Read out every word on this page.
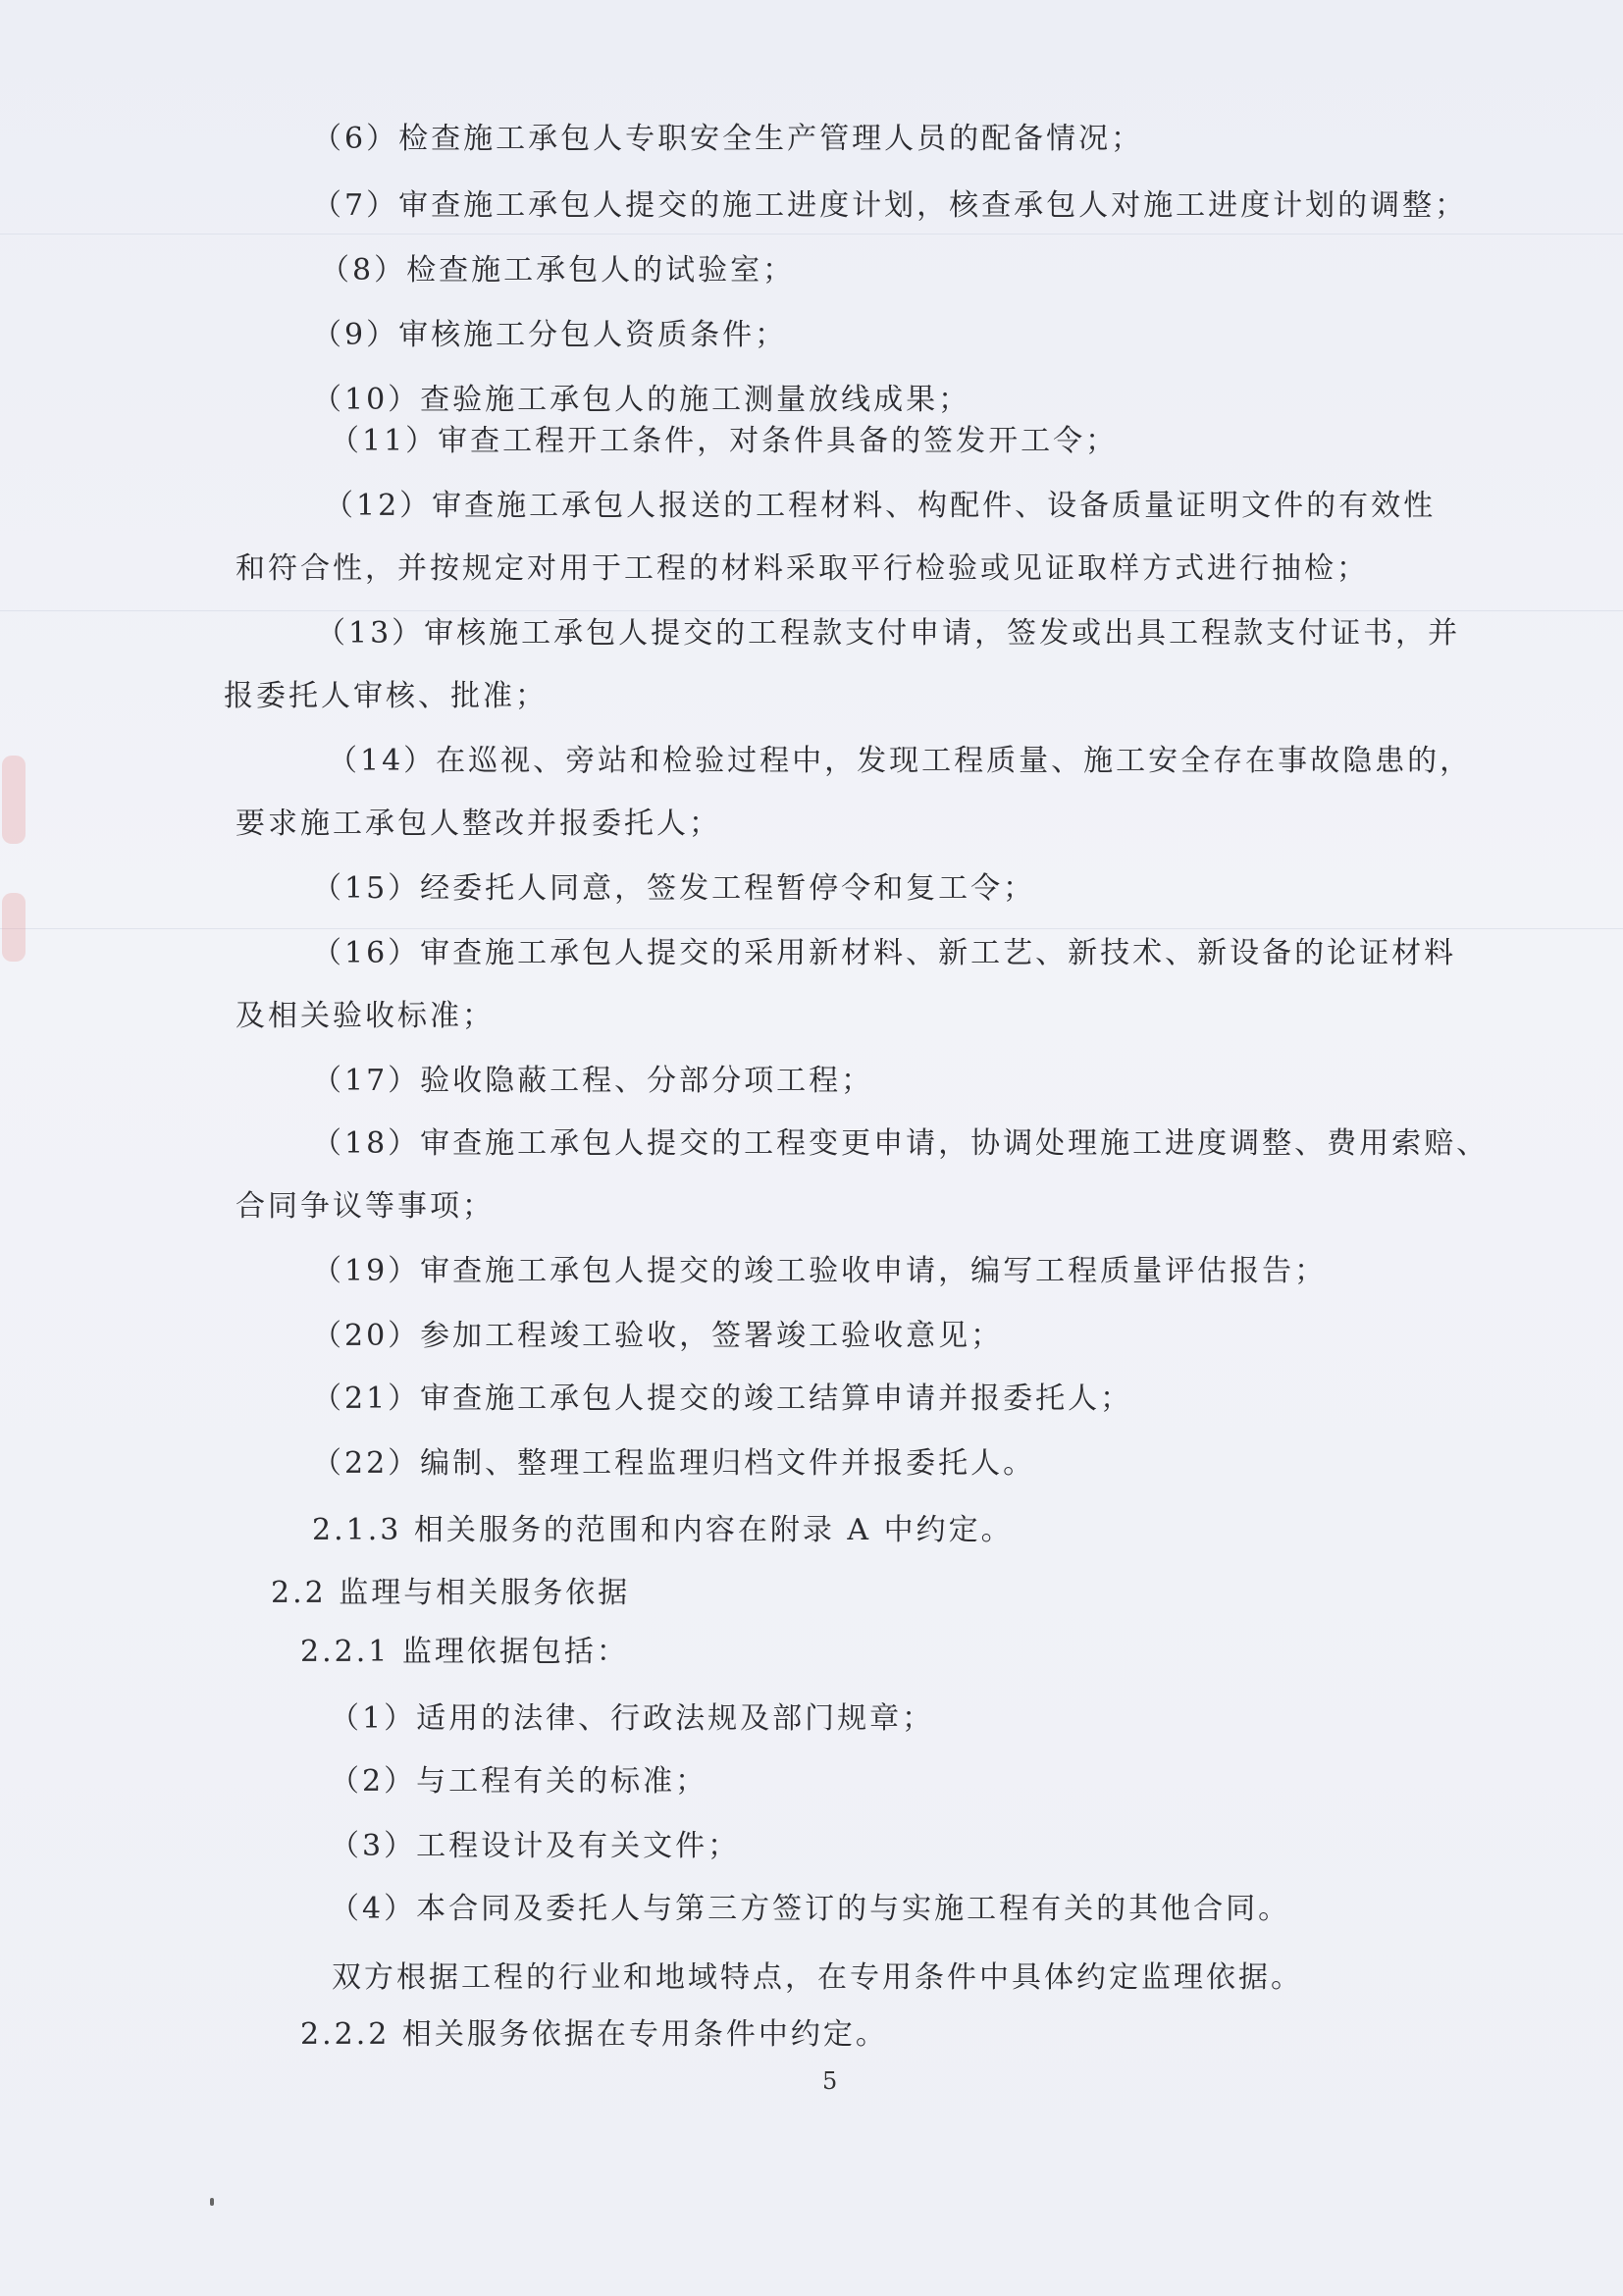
（6）检查施工承包人专职安全生产管理人员的配备情况；
（7）审查施工承包人提交的施工进度计划，核查承包人对施工进度计划的调整；
（8）检查施工承包人的试验室；
（9）审核施工分包人资质条件；
（10）查验施工承包人的施工测量放线成果；
（11）审查工程开工条件，对条件具备的签发开工令；
（12）审查施工承包人报送的工程材料、构配件、设备质量证明文件的有效性
和符合性，并按规定对用于工程的材料采取平行检验或见证取样方式进行抽检；
（13）审核施工承包人提交的工程款支付申请，签发或出具工程款支付证书，并
报委托人审核、批准；
（14）在巡视、旁站和检验过程中，发现工程质量、施工安全存在事故隐患的，
要求施工承包人整改并报委托人；
（15）经委托人同意，签发工程暂停令和复工令；
（16）审查施工承包人提交的采用新材料、新工艺、新技术、新设备的论证材料
及相关验收标准；
（17）验收隐蔽工程、分部分项工程；
（18）审查施工承包人提交的工程变更申请，协调处理施工进度调整、费用索赔、
合同争议等事项；
（19）审查施工承包人提交的竣工验收申请，编写工程质量评估报告；
（20）参加工程竣工验收，签署竣工验收意见；
（21）审查施工承包人提交的竣工结算申请并报委托人；
（22）编制、整理工程监理归档文件并报委托人。
2.1.3 相关服务的范围和内容在附录 A 中约定。
2.2 监理与相关服务依据
2.2.1 监理依据包括：
（1）适用的法律、行政法规及部门规章；
（2）与工程有关的标准；
（3）工程设计及有关文件；
（4）本合同及委托人与第三方签订的与实施工程有关的其他合同。
双方根据工程的行业和地域特点，在专用条件中具体约定监理依据。
2.2.2 相关服务依据在专用条件中约定。
5
